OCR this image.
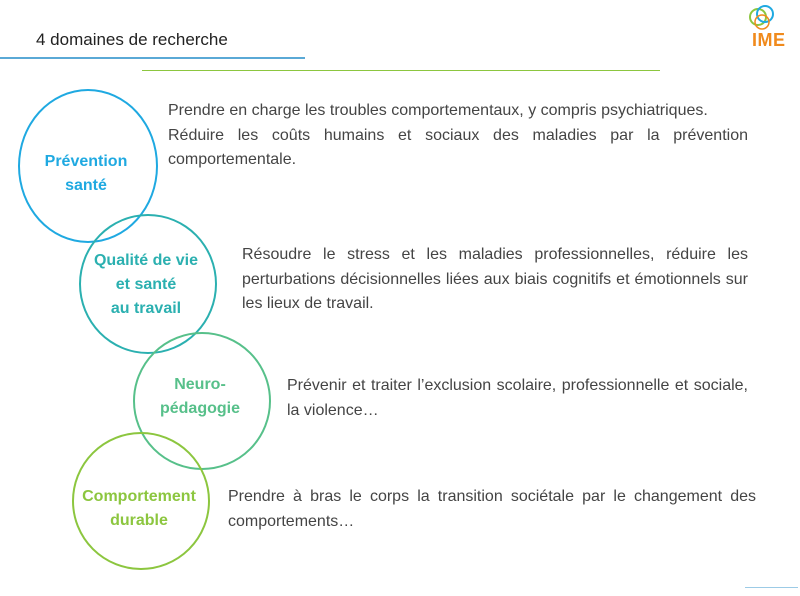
4 domaines de recherche	IME
Prévention
santé

Prendre en charge les troubles comportementaux, y compris psychiatriques.

Réduire les coûts humains et sociaux des maladies par la prévention comportementale.

Qualité de vie
et santé
au travail

Résoudre le stress et les maladies professionnelles, réduire les perturbations décisionnelles liées aux biais cognitifs et émotionnels sur les lieux de travail.

Neuro-
pédagogie

Prévenir et traiter l’exclusion scolaire, professionnelle et sociale, la violence…

Comportement
durable

Prendre à bras le corps la transition sociétale par le changement des comportements…
